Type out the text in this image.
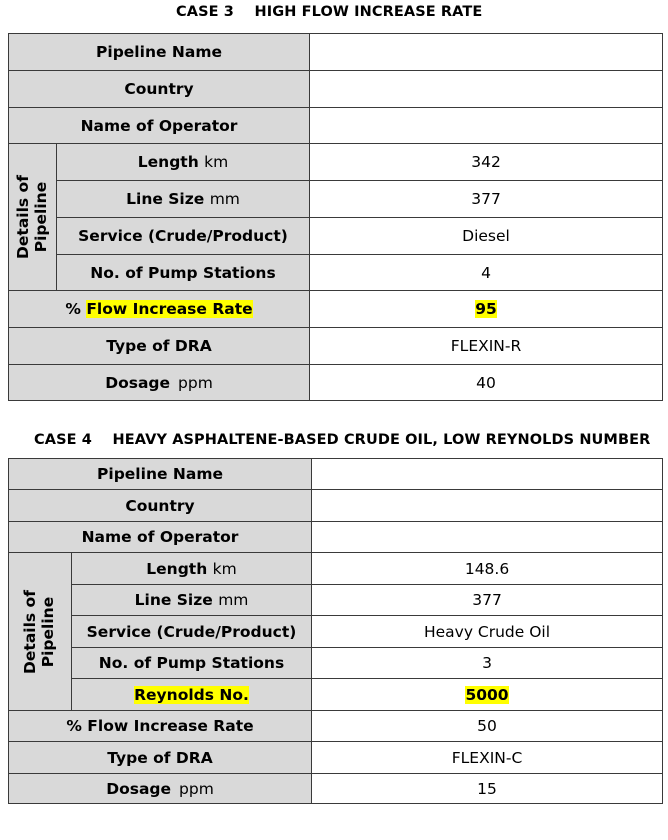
CASE 3    HIGH FLOW INCREASE RATE
Pipeline Name		
Country		
Name of Operator		

Details of Pipeline	Length km	342
	Line Size mm	377
	Service (Crude/Product)	Diesel
	No. of Pump Stations	4
% Flow Increase Rate		95
Type of DRA		FLEXIN-R
Dosage ppm		40
CASE 4    HEAVY ASPHALTENE-BASED CRUDE OIL, LOW REYNOLDS NUMBER
Pipeline Name		
Country		
Name of Operator		

Details of Pipeline	Length km	148.6
	Line Size mm	377
	Service (Crude/Product)	Heavy Crude Oil
	No. of Pump Stations	3
	Reynolds No.	5000
% Flow Increase Rate		50
Type of DRA		FLEXIN-C
Dosage ppm		15
